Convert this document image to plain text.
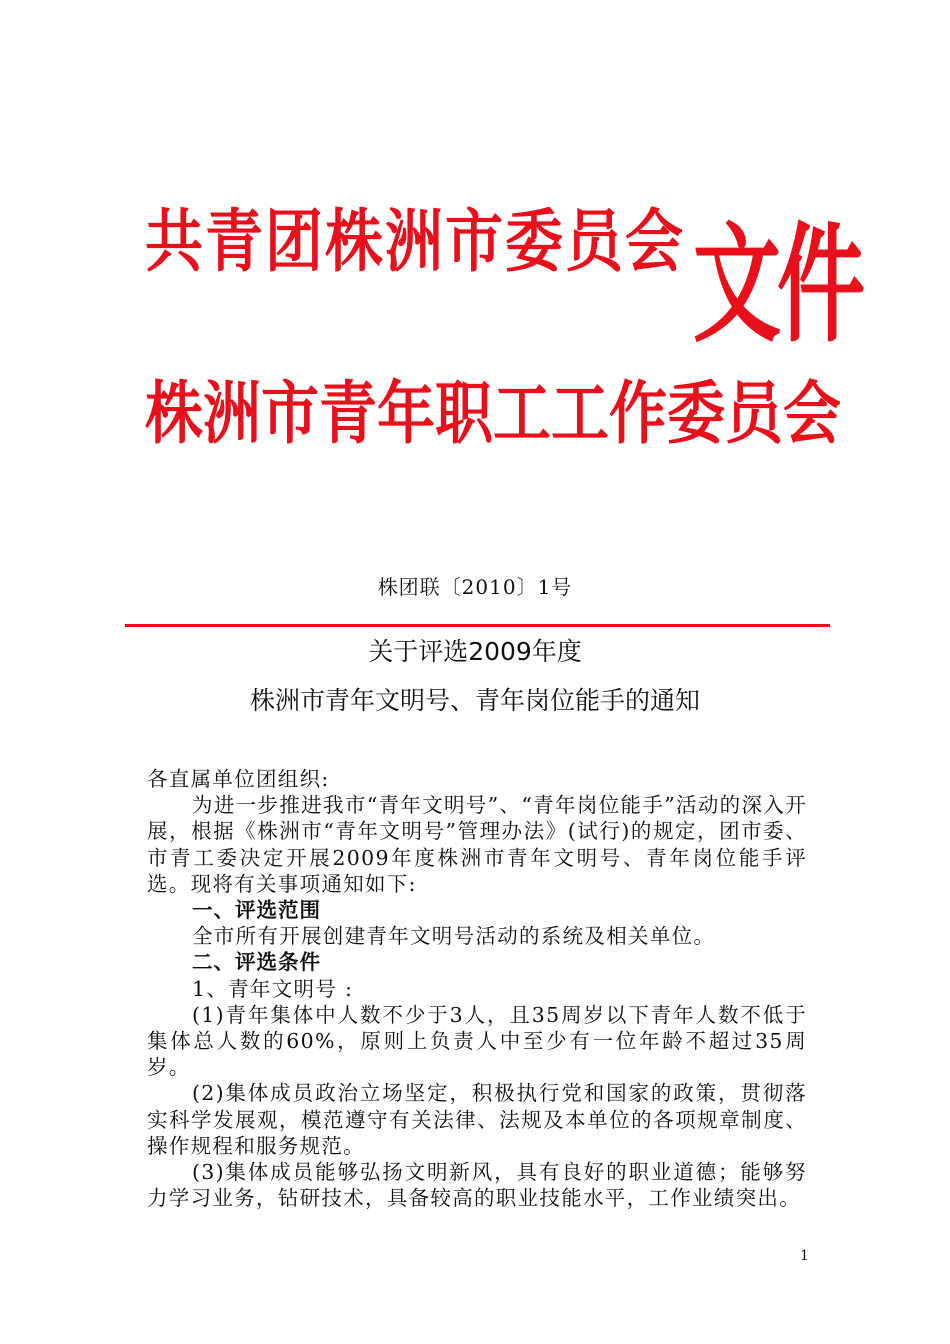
共青团株洲市委员会 文件
株洲市青年职工工作委员会
株团联〔2010〕1号
关于评选2009年度
株洲市青年文明号、青年岗位能手的通知

各直属单位团组织:

为进一步推进我市“青年文明号”、“青年岗位能手”活动的深入开展，根据《株洲市“青年文明号”管理办法》(试行)的规定，团市委、市青工委决定开展2009年度株洲市青年文明号、青年岗位能手评选。现将有关事项通知如下:

一、评选范围

全市所有开展创建青年文明号活动的系统及相关单位。

二、评选条件

1、青年文明号 :

(1)青年集体中人数不少于3人，且35周岁以下青年人数不低于集体总人数的60%，原则上负责人中至少有一位年龄不超过35周岁。

(2)集体成员政治立场坚定，积极执行党和国家的政策，贯彻落实科学发展观，模范遵守有关法律、法规及本单位的各项规章制度、操作规程和服务规范。

(3)集体成员能够弘扬文明新风，具有良好的职业道德；能够努力学习业务，钻研技术，具备较高的职业技能水平，工作业绩突出。

1
